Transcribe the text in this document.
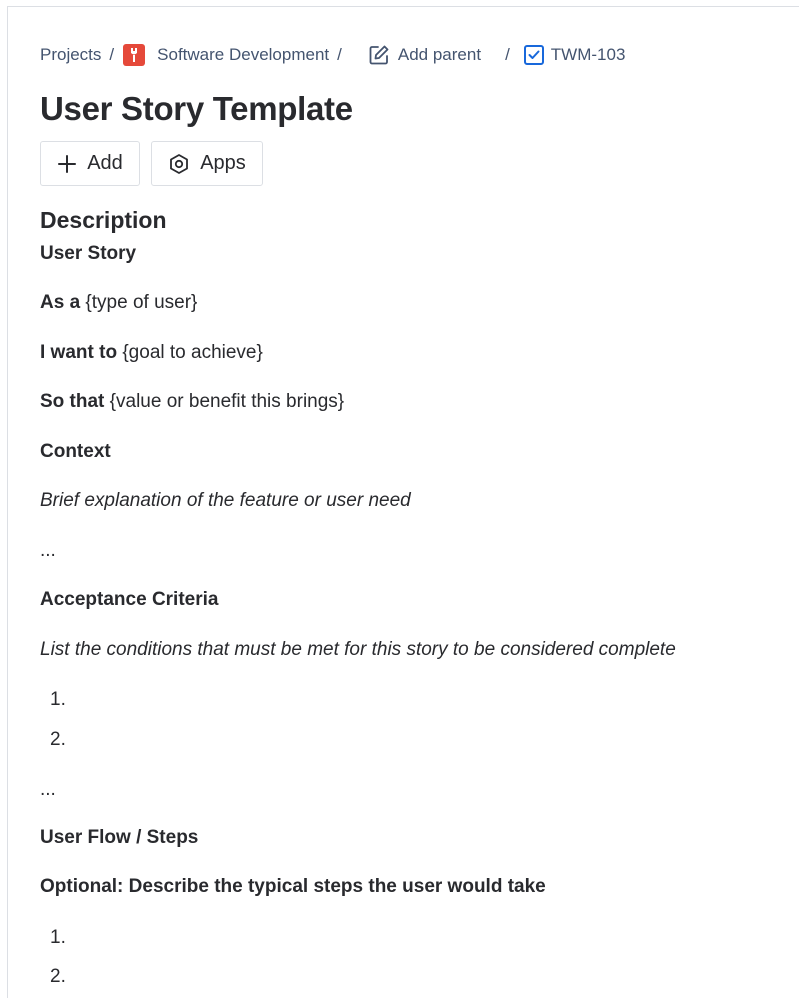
Projects /	Software Development /	Add parent / TWM-103
User Story Template
Add	Apps
Description
User Story
As a {type of user}
I want to {goal to achieve}
So that {value or benefit this brings}
Context
Brief explanation of the feature or user need
...
Acceptance Criteria
List the conditions that must be met for this story to be considered complete
1.
2.
...
User Flow / Steps
Optional: Describe the typical steps the user would take
1.
2.
